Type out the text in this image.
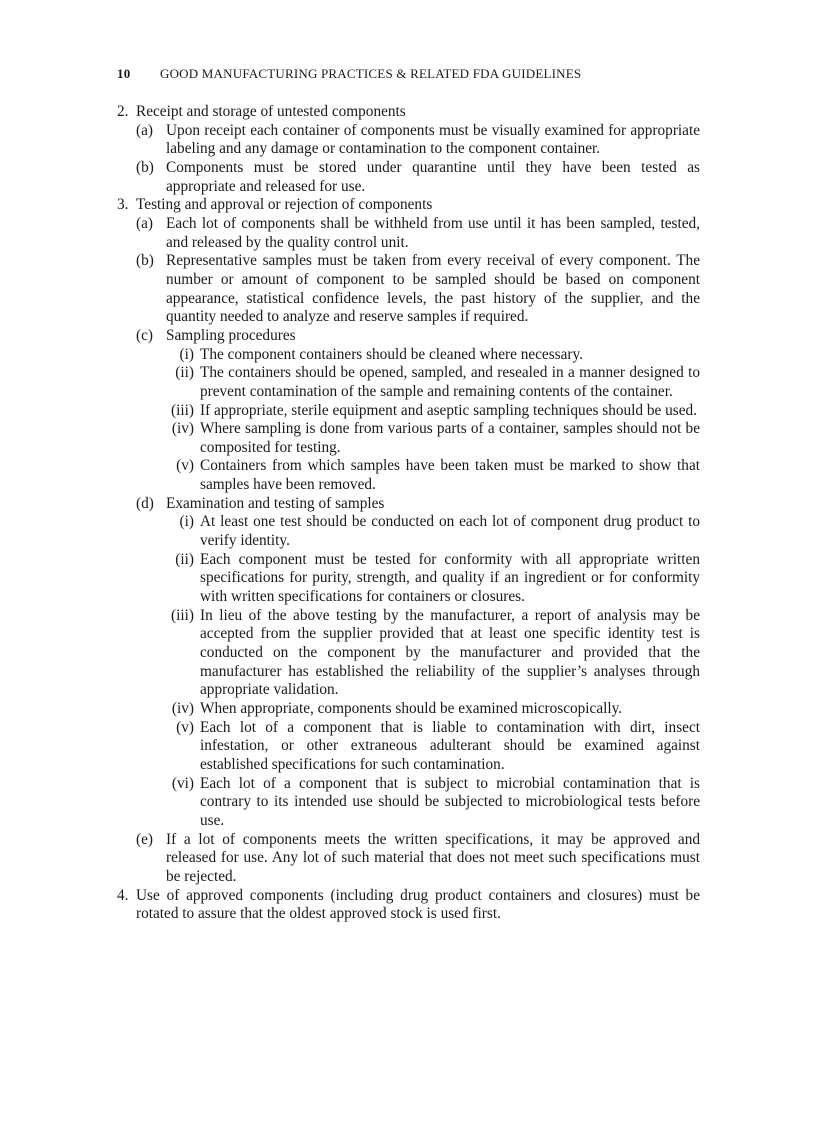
10 GOOD MANUFACTURING PRACTICES & RELATED FDA GUIDELINES
2. Receipt and storage of untested components
(a) Upon receipt each container of components must be visually examined for appropriate labeling and any damage or contamination to the component container.
(b) Components must be stored under quarantine until they have been tested as appropriate and released for use.
3. Testing and approval or rejection of components
(a) Each lot of components shall be withheld from use until it has been sampled, tested, and released by the quality control unit.
(b) Representative samples must be taken from every receival of every component. The number or amount of component to be sampled should be based on component appearance, statistical confidence levels, the past history of the supplier, and the quantity needed to analyze and reserve samples if required.
(c) Sampling procedures
(i) The component containers should be cleaned where necessary.
(ii) The containers should be opened, sampled, and resealed in a manner designed to prevent contamination of the sample and remaining contents of the container.
(iii) If appropriate, sterile equipment and aseptic sampling techniques should be used.
(iv) Where sampling is done from various parts of a container, samples should not be composited for testing.
(v) Containers from which samples have been taken must be marked to show that samples have been removed.
(d) Examination and testing of samples
(i) At least one test should be conducted on each lot of component drug product to verify identity.
(ii) Each component must be tested for conformity with all appropriate written specifications for purity, strength, and quality if an ingredient or for conformity with written specifications for containers or closures.
(iii) In lieu of the above testing by the manufacturer, a report of analysis may be accepted from the supplier provided that at least one specific identity test is conducted on the component by the manufacturer and provided that the manufacturer has established the reliability of the supplier’s analyses through appropriate validation.
(iv) When appropriate, components should be examined microscopically.
(v) Each lot of a component that is liable to contamination with dirt, insect infestation, or other extraneous adulterant should be examined against established specifications for such contamination.
(vi) Each lot of a component that is subject to microbial contamination that is contrary to its intended use should be subjected to microbiological tests before use.
(e) If a lot of components meets the written specifications, it may be approved and released for use. Any lot of such material that does not meet such specifications must be rejected.
4. Use of approved components (including drug product containers and closures) must be rotated to assure that the oldest approved stock is used first.
